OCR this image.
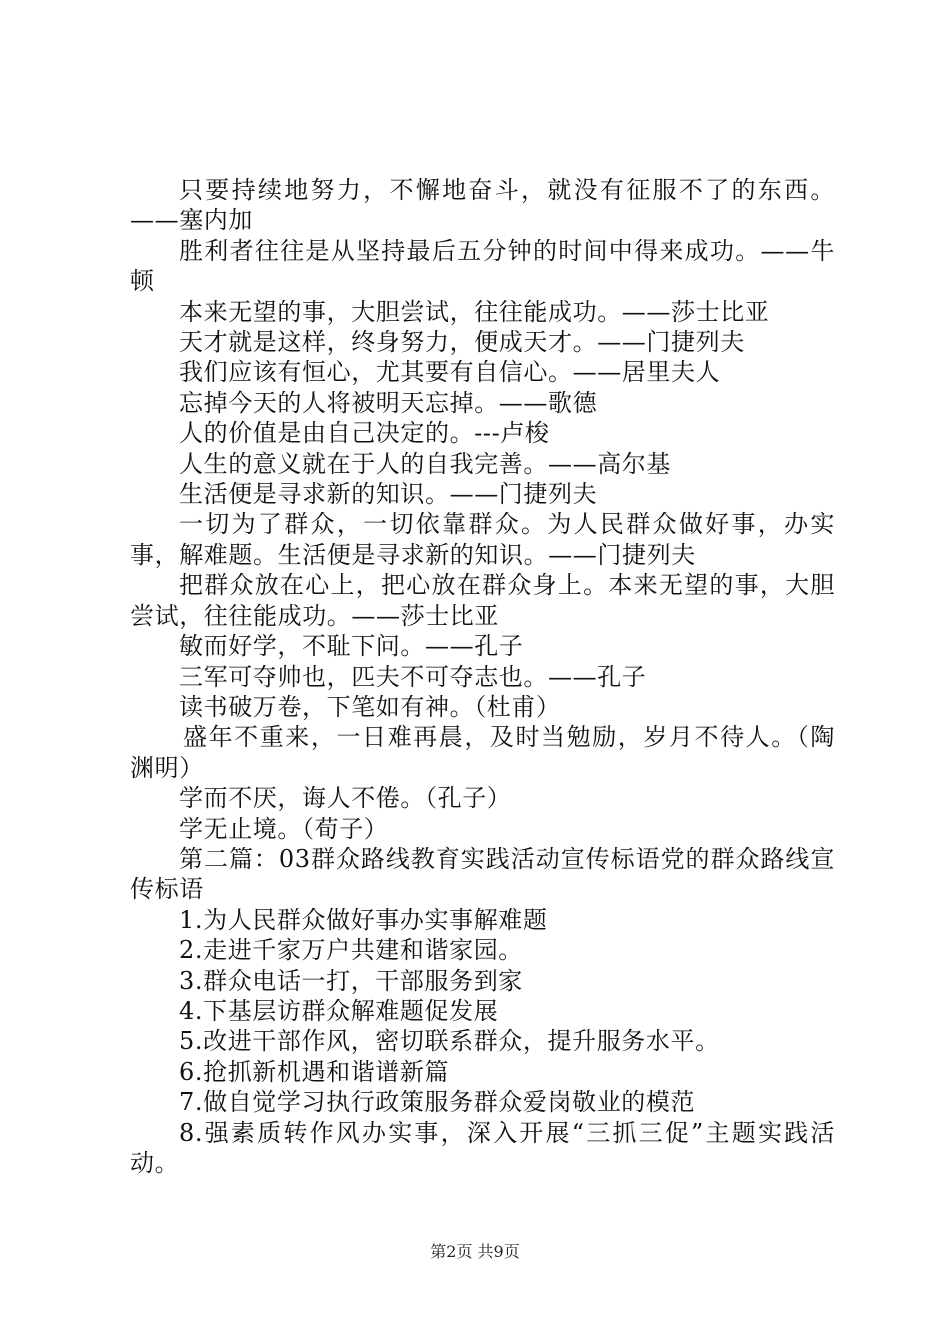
只要持续地努力，不懈地奋斗，就没有征服不了的东西。——塞内加

胜利者往往是从坚持最后五分钟的时间中得来成功。——牛顿

本来无望的事，大胆尝试，往往能成功。——莎士比亚

天才就是这样，终身努力，便成天才。——门捷列夫

我们应该有恒心，尤其要有自信心。——居里夫人

忘掉今天的人将被明天忘掉。——歌德

人的价值是由自己决定的。---卢梭

人生的意义就在于人的自我完善。——高尔基

生活便是寻求新的知识。——门捷列夫

一切为了群众，一切依靠群众。为人民群众做好事，办实事，解难题。生活便是寻求新的知识。——门捷列夫

把群众放在心上，把心放在群众身上。本来无望的事，大胆尝试，往往能成功。——莎士比亚

敏而好学，不耻下问。——孔子

三军可夺帅也，匹夫不可夺志也。——孔子

读书破万卷，下笔如有神。（杜甫）

盛年不重来，一日难再晨，及时当勉励，岁月不待人。（陶渊明）

学而不厌，诲人不倦。（孔子）

学无止境。（荀子）

第二篇：03群众路线教育实践活动宣传标语党的群众路线宣传标语

1.为人民群众做好事办实事解难题

2.走进千家万户共建和谐家园。

3.群众电话一打，干部服务到家

4.下基层访群众解难题促发展

5.改进干部作风，密切联系群众，提升服务水平。

6.抢抓新机遇和谐谱新篇

7.做自觉学习执行政策服务群众爱岗敬业的模范

8.强素质转作风办实事，深入开展“三抓三促”主题实践活动。

第2页 共9页
